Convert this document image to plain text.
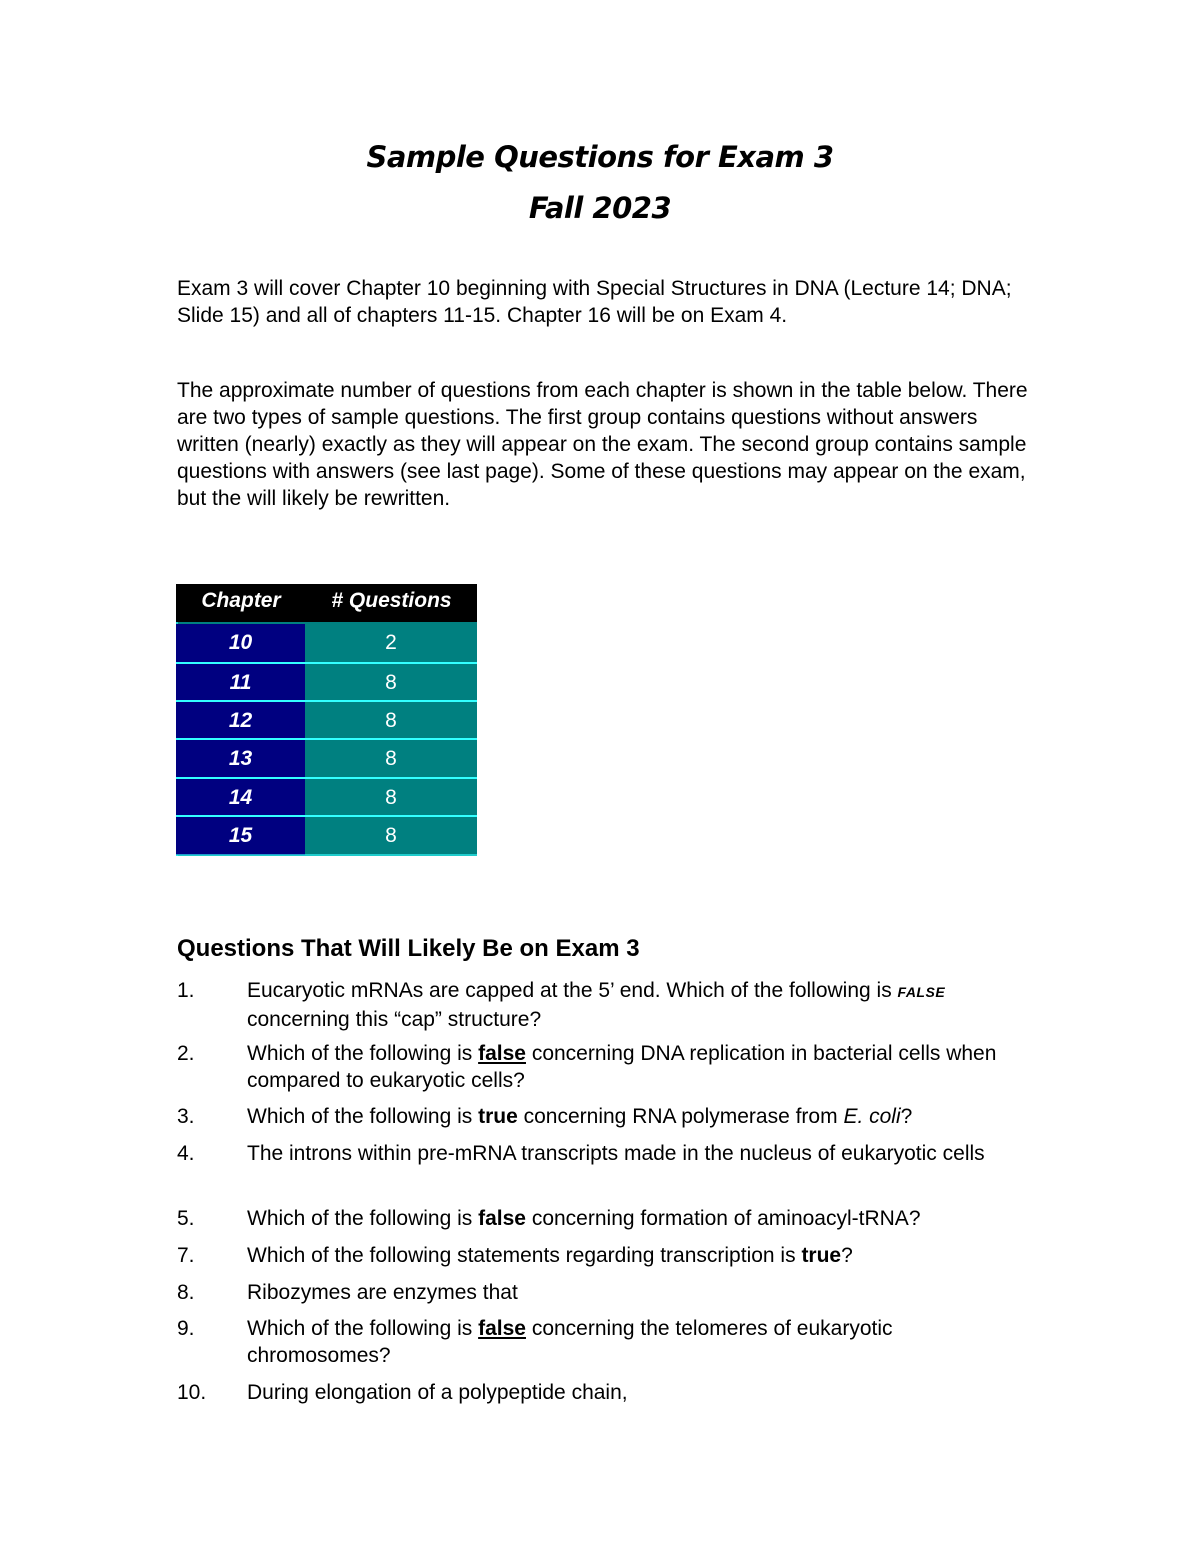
Sample Questions for Exam 3
Fall 2023

Exam 3 will cover Chapter 10 beginning with Special Structures in DNA (Lecture 14; DNA; Slide 15) and all of chapters 11-15. Chapter 16 will be on Exam 4.

The approximate number of questions from each chapter is shown in the table below. There are two types of sample questions. The first group contains questions without answers written (nearly) exactly as they will appear on the exam. The second group contains sample questions with answers (see last page). Some of these questions may appear on the exam, but the will likely be rewritten.

Chapter	# Questions
10	2
11	8
12	8
13	8
14	8
15	8
Questions That Will Likely Be on Exam 3
1.	Eucaryotic mRNAs are capped at the 5’ end. Which of the following is FALSE concerning this “cap” structure?
2.	Which of the following is false concerning DNA replication in bacterial cells when compared to eukaryotic cells?
3.	Which of the following is true concerning RNA polymerase from E. coli?
4.	The introns within pre-mRNA transcripts made in the nucleus of eukaryotic cells
5.	Which of the following is false concerning formation of aminoacyl-tRNA?
7.	Which of the following statements regarding transcription is true?
8.	Ribozymes are enzymes that
9.	Which of the following is false concerning the telomeres of eukaryotic chromosomes?
10.	During elongation of a polypeptide chain,
